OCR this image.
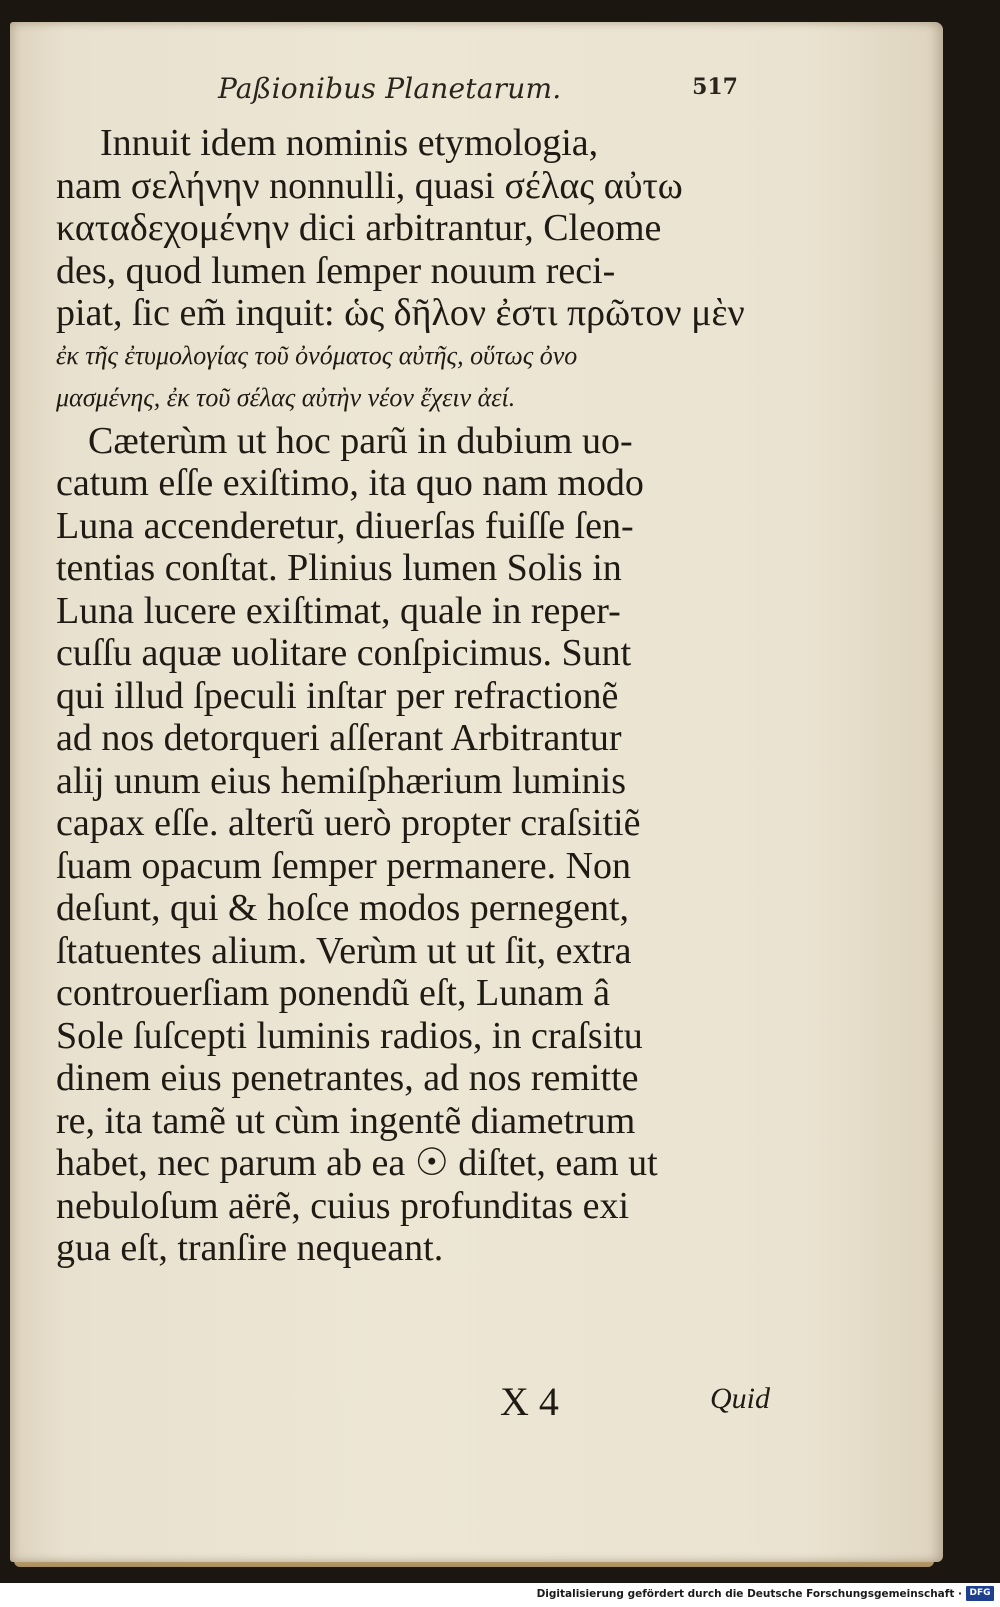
Paßionibus Planetarum.	517
Innuit idem nominis etymologia,
nam σελήνην nonnulli, quasi σέλας αὐτω
καταδεχομένην dici arbitrantur, Cleome
des, quod lumen ſemper nouum reci-
piat, ſic em̃ inquit: ὡς δῆλον ἐστι πρῶτον μὲν
ἐκ τῆς ἐτυμολογίας τοῦ ὀνόματος αὐτῆς, οὕτως ὀνο
μασμένης, ἐκ τοῦ σέλας αὐτὴν νέον ἔχειν ἀεί.
Cæterùm ut hoc parũ in dubium uo-
catum eſſe exiſtimo, ita quo nam modo
Luna accenderetur, diuerſas fuiſſe ſen-
tentias conſtat. Plinius lumen Solis in
Luna lucere exiſtimat, quale in reper-
cuſſu aquæ uolitare conſpicimus. Sunt
qui illud ſpeculi inſtar per refractionẽ
ad nos detorqueri aſſerant Arbitrantur
alij unum eius hemiſphærium luminis
capax eſſe. alterũ uerò propter craſsitiẽ
ſuam opacum ſemper permanere. Non
deſunt, qui & hoſce modos pernegent,
ſtatuentes alium. Verùm ut ut ſit, extra
controuerſiam ponendũ eſt, Lunam â
Sole ſuſcepti luminis radios, in craſsitu
dinem eius penetrantes, ad nos remitte
re, ita tamẽ ut cùm ingentẽ diametrum
habet, nec parum ab ea ☉ diſtet, eam ut
nebuloſum aërẽ, cuius profunditas exi
gua eſt, tranſire nequeant.
X 4	Quid
Digitalisierung gefördert durch die Deutsche Forschungsgemeinschaft · DFG
